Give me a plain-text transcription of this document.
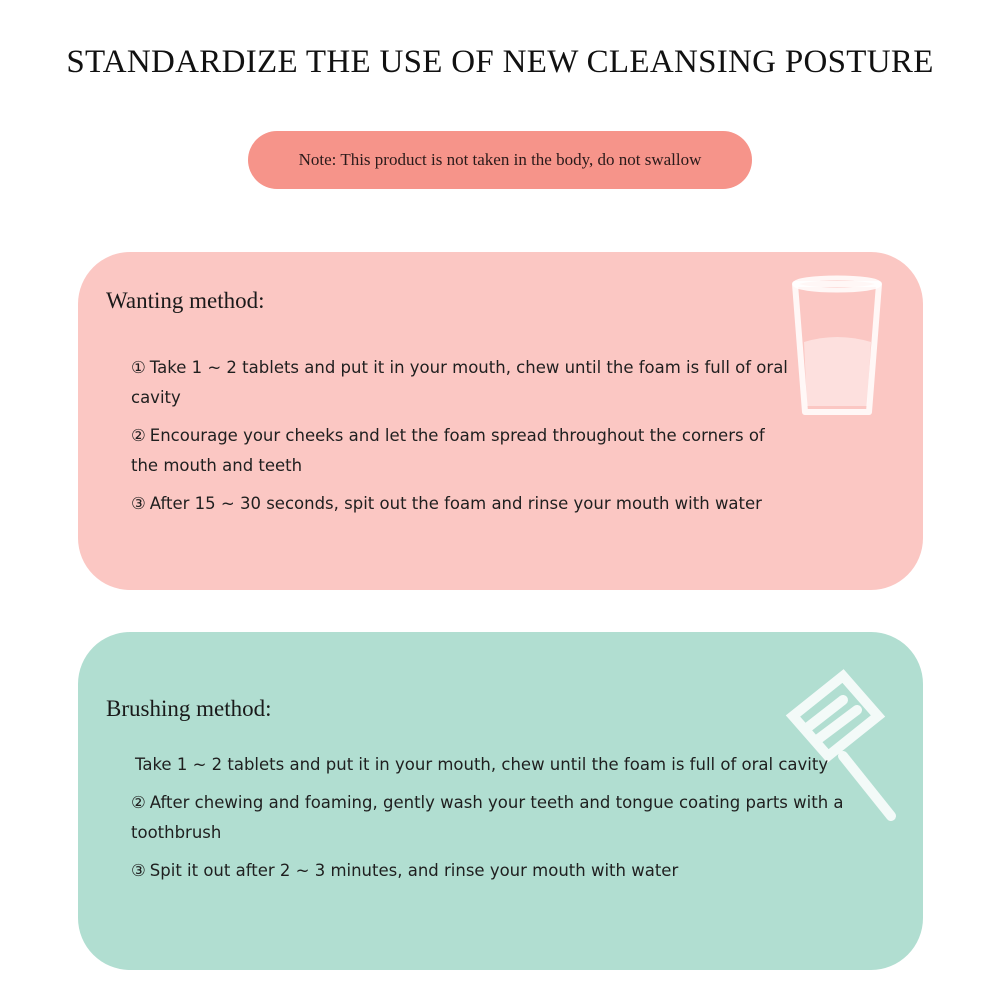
STANDARDIZE THE USE OF NEW CLEANSING POSTURE
Note: This product is not taken in the body, do not swallow
Wanting method:
① Take 1 ~ 2 tablets and put it in your mouth, chew until the foam is full of oral cavity
② Encourage your cheeks and let the foam spread throughout the corners of the mouth and teeth
③ After 15 ~ 30 seconds, spit out the foam and rinse your mouth with water
Brushing method:
Take 1 ~ 2 tablets and put it in your mouth, chew until the foam is full of oral cavity
② After chewing and foaming, gently wash your teeth and tongue coating parts with a toothbrush
③ Spit it out after 2 ~ 3 minutes, and rinse your mouth with water
